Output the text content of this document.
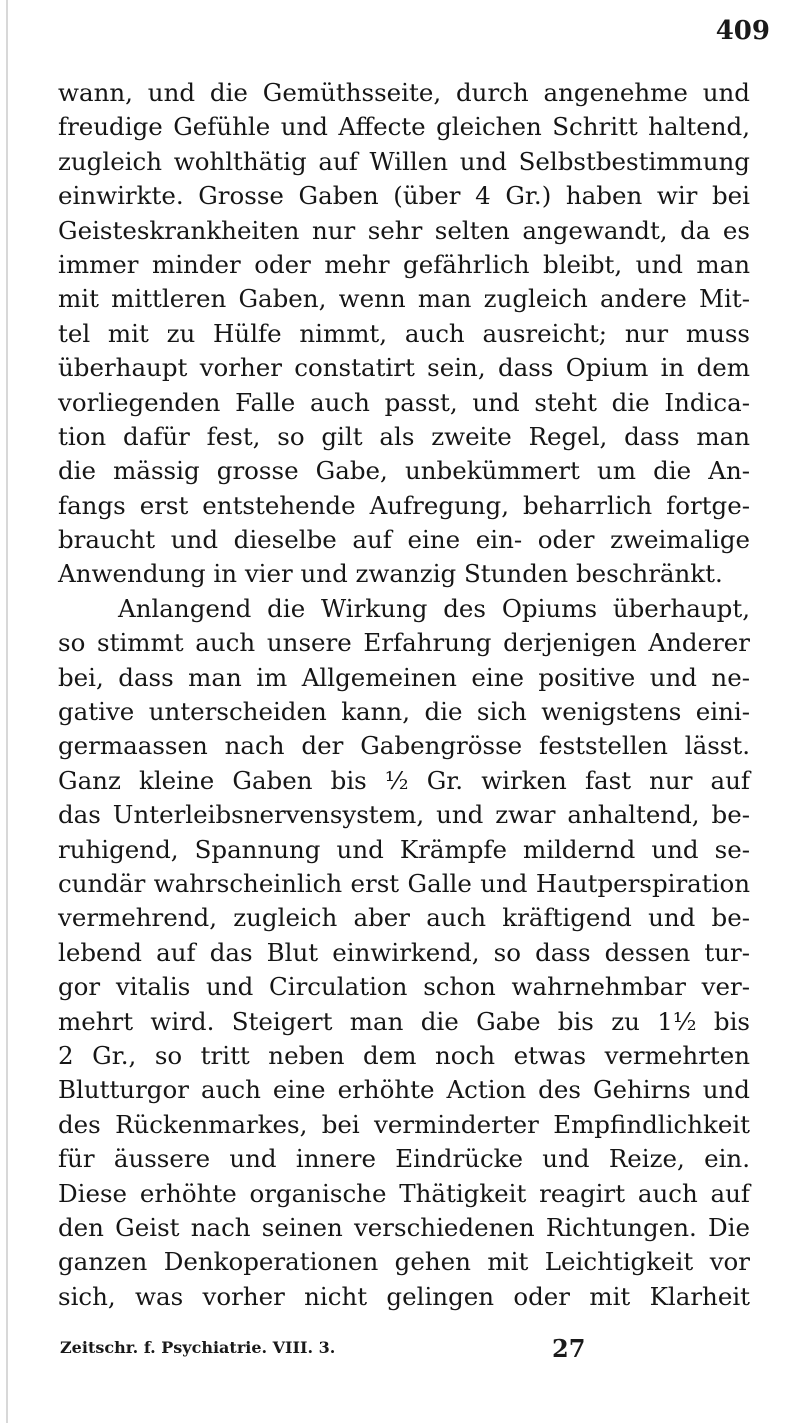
409
wann, und die Gemüthsseite, durch angenehme und
freudige Gefühle und Affecte gleichen Schritt haltend,
zugleich wohlthätig auf Willen und Selbstbestimmung
einwirkte. Grosse Gaben (über 4 Gr.) haben wir bei
Geisteskrankheiten nur sehr selten angewandt, da es
immer minder oder mehr gefährlich bleibt, und man
mit mittleren Gaben, wenn man zugleich andere Mit-
tel mit zu Hülfe nimmt, auch ausreicht; nur muss
überhaupt vorher constatirt sein, dass Opium in dem
vorliegenden Falle auch passt, und steht die Indica-
tion dafür fest, so gilt als zweite Regel, dass man
die mässig grosse Gabe, unbekümmert um die An-
fangs erst entstehende Aufregung, beharrlich fortge-
braucht und dieselbe auf eine ein- oder zweimalige
Anwendung in vier und zwanzig Stunden beschränkt.
Anlangend die Wirkung des Opiums überhaupt,
so stimmt auch unsere Erfahrung derjenigen Anderer
bei, dass man im Allgemeinen eine positive und ne-
gative unterscheiden kann, die sich wenigstens eini-
germaassen nach der Gabengrösse feststellen lässt.
Ganz kleine Gaben bis ½ Gr. wirken fast nur auf
das Unterleibsnervensystem, und zwar anhaltend, be-
ruhigend, Spannung und Krämpfe mildernd und se-
cundär wahrscheinlich erst Galle und Hautperspiration
vermehrend, zugleich aber auch kräftigend und be-
lebend auf das Blut einwirkend, so dass dessen tur-
gor vitalis und Circulation schon wahrnehmbar ver-
mehrt wird. Steigert man die Gabe bis zu 1½ bis
2 Gr., so tritt neben dem noch etwas vermehrten
Blutturgor auch eine erhöhte Action des Gehirns und
des Rückenmarkes, bei verminderter Empfindlichkeit
für äussere und innere Eindrücke und Reize, ein.
Diese erhöhte organische Thätigkeit reagirt auch auf
den Geist nach seinen verschiedenen Richtungen. Die
ganzen Denkoperationen gehen mit Leichtigkeit vor
sich, was vorher nicht gelingen oder mit Klarheit
Zeitschr. f. Psychiatrie. VIII. 3.	27
